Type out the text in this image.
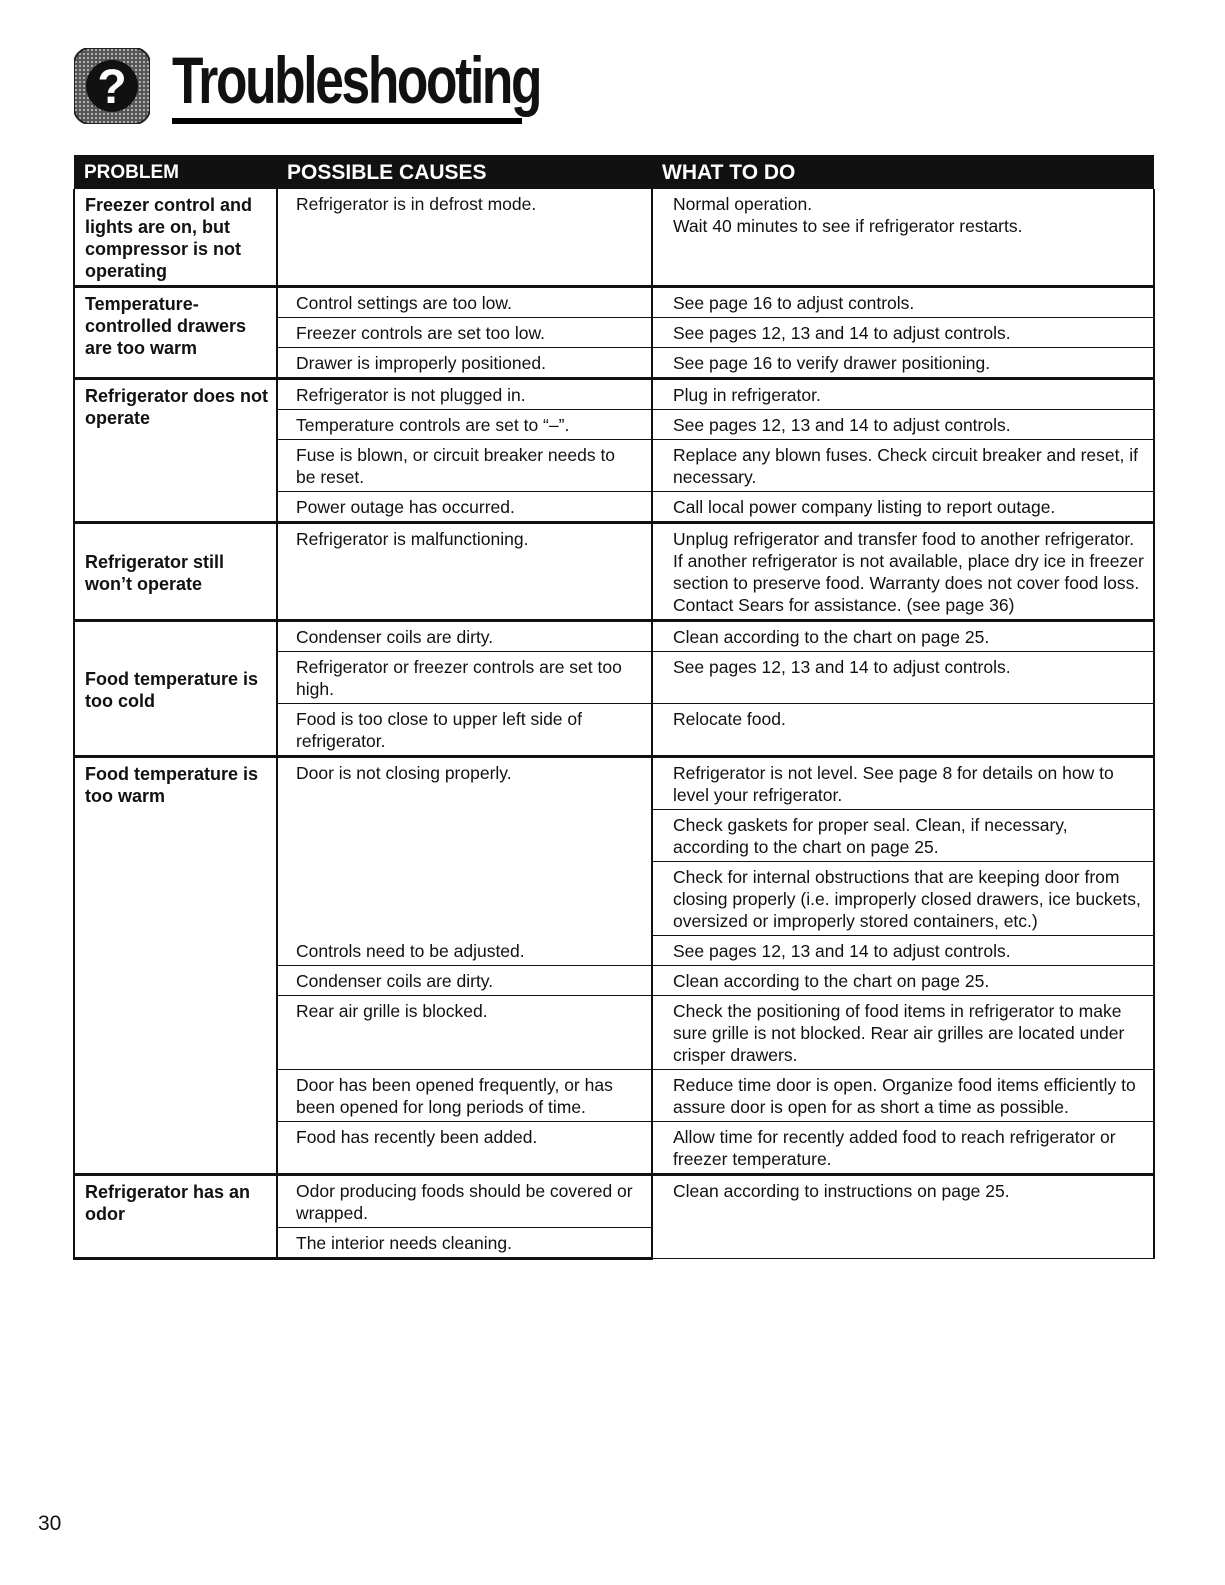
? Troubleshooting
PROBLEM	POSSIBLE CAUSES	WHAT TO DO
Freezer control and lights are on, but compressor is not operating	Refrigerator is in defrost mode.	Normal operation.
Wait 40 minutes to see if refrigerator restarts.
Temperature-controlled drawers are too warm	Control settings are too low.	See page 16 to adjust controls.
	Freezer controls are set too low.	See pages 12, 13 and 14 to adjust controls.
	Drawer is improperly positioned.	See page 16 to verify drawer positioning.
Refrigerator does not operate	Refrigerator is not plugged in.	Plug in refrigerator.
	Temperature controls are set to “–”.	See pages 12, 13 and 14 to adjust controls.
	Fuse is blown, or circuit breaker needs to be reset.	Replace any blown fuses. Check circuit breaker and reset, if necessary.
	Power outage has occurred.	Call local power company listing to report outage.
Refrigerator still won’t operate	Refrigerator is malfunctioning.	Unplug refrigerator and transfer food to another refrigerator. If another refrigerator is not available, place dry ice in freezer section to preserve food. Warranty does not cover food loss.
Contact Sears for assistance. (see page 36)
Food temperature is too cold	Condenser coils are dirty.	Clean according to the chart on page 25.
	Refrigerator or freezer controls are set too high.	See pages 12, 13 and 14 to adjust controls.
	Food is too close to upper left side of refrigerator.	Relocate food.
Food temperature is too warm	Door is not closing properly.	Refrigerator is not level. See page 8 for details on how to level your refrigerator.
		Check gaskets for proper seal. Clean, if necessary, according to the chart on page 25.
		Check for internal obstructions that are keeping door from closing properly (i.e. improperly closed drawers, ice buckets, oversized or improperly stored containers, etc.)
	Controls need to be adjusted.	See pages 12, 13 and 14 to adjust controls.
	Condenser coils are dirty.	Clean according to the chart on page 25.
	Rear air grille is blocked.	Check the positioning of food items in refrigerator to make sure grille is not blocked. Rear air grilles are located under crisper drawers.
	Door has been opened frequently, or has been opened for long periods of time.	Reduce time door is open. Organize food items efficiently to assure door is open for as short a time as possible.
	Food has recently been added.	Allow time for recently added food to reach refrigerator or freezer temperature.
Refrigerator has an odor	Odor producing foods should be covered or wrapped.	Clean according to instructions on page 25.
	The interior needs cleaning.	
30
